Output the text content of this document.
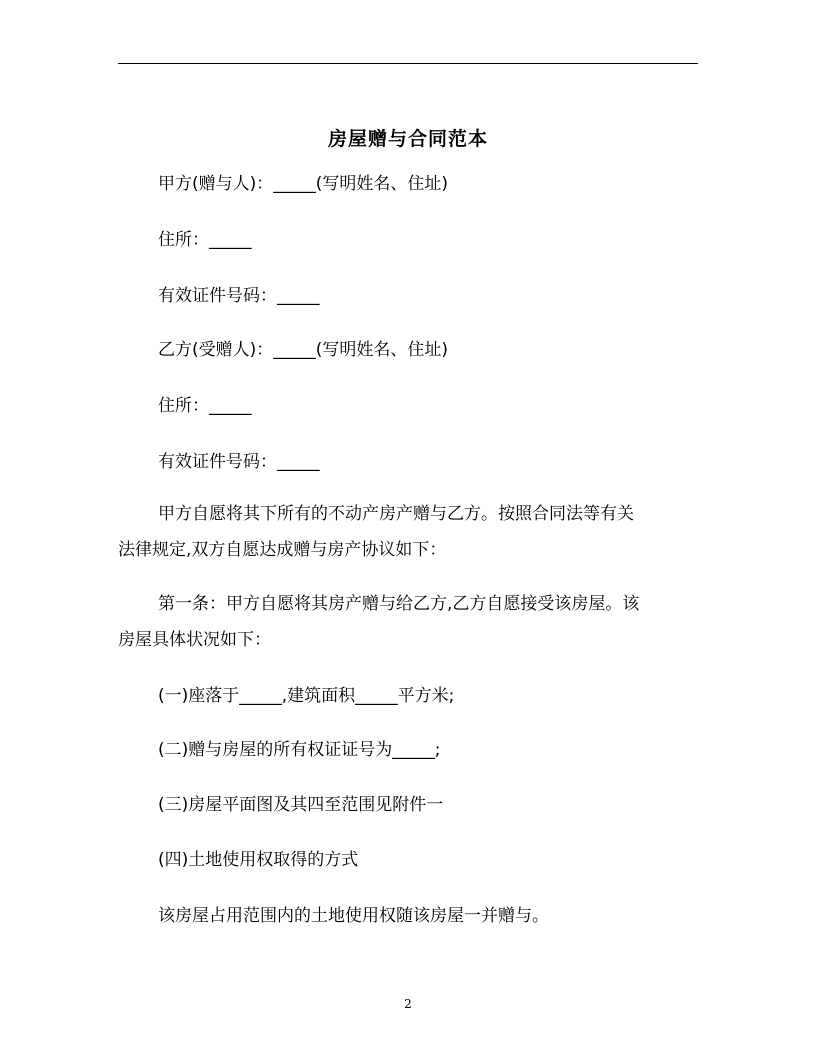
房屋赠与合同范本
甲方(赠与人)：_____(写明姓名、住址)
住所：_____
有效证件号码：_____
乙方(受赠人)：_____(写明姓名、住址)
住所：_____
有效证件号码：_____
甲方自愿将其下所有的不动产房产赠与乙方。按照合同法等有关
法律规定,双方自愿达成赠与房产协议如下：
第一条：甲方自愿将其房产赠与给乙方,乙方自愿接受该房屋。该
房屋具体状况如下：
(一)座落于_____,建筑面积_____平方米;
(二)赠与房屋的所有权证证号为_____;
(三)房屋平面图及其四至范围见附件一
(四)土地使用权取得的方式
该房屋占用范围内的土地使用权随该房屋一并赠与。
2
